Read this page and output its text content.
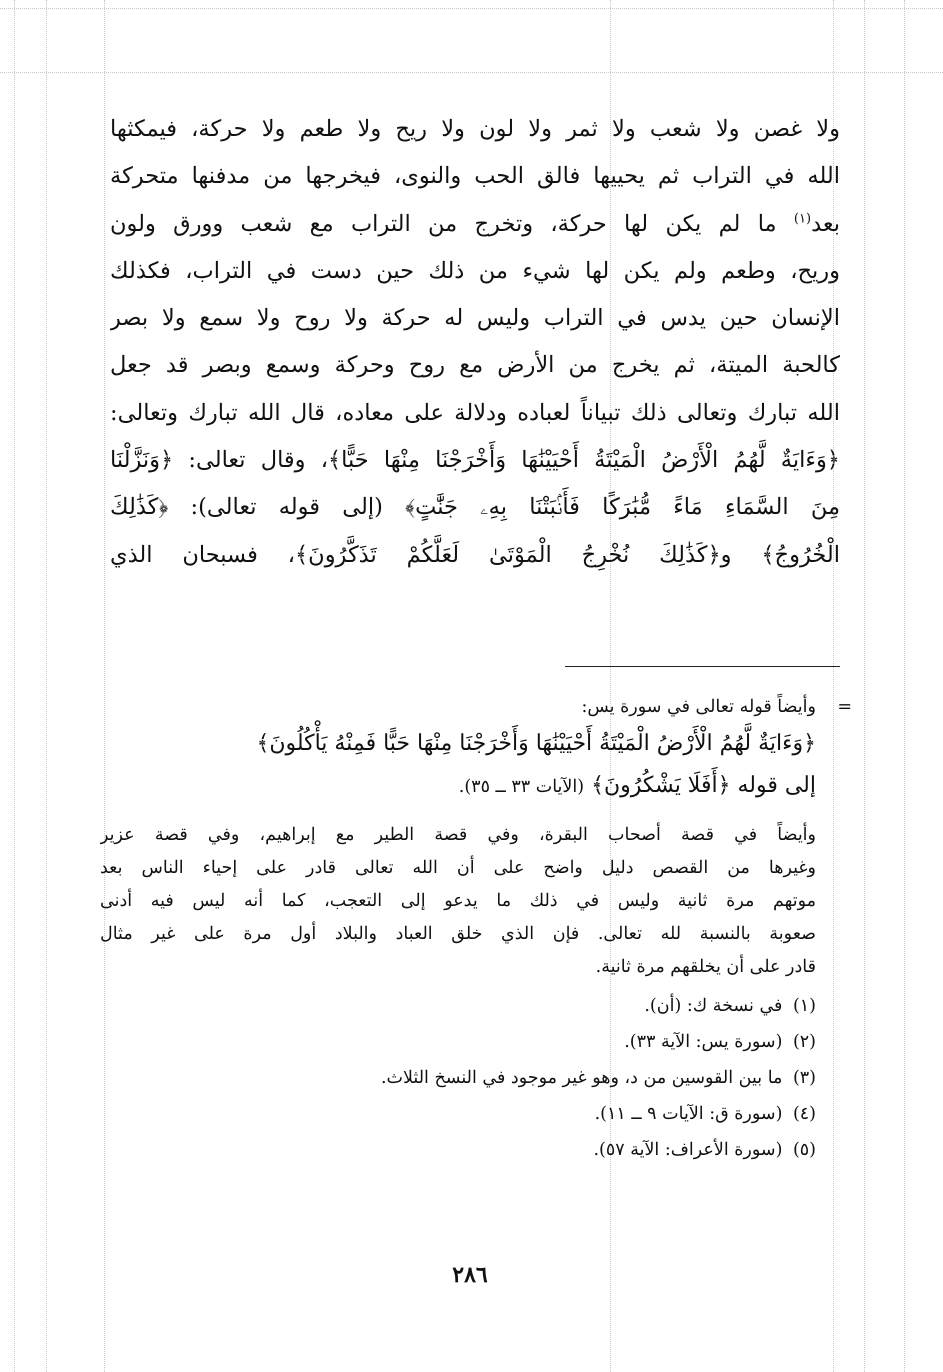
ولا غصن ولا شعب ولا ثمر ولا لون ولا ريح ولا طعم ولا حركة، فيمكثها
الله في التراب ثم يحييها فالق الحب والنوى، فيخرجها من مدفنها متحركة
بعد$^{(١)}$ ما لم يكن لها حركة، وتخرج من التراب مع شعب وورق ولون
وريح، وطعم ولم يكن لها شيء من ذلك حين دست في التراب، فكذلك
الإنسان حين يدس في التراب وليس له حركة ولا روح ولا سمع ولا بصر
كالحبة الميتة، ثم يخرج من الأرض مع روح وحركة وسمع وبصر قد جعل
الله تبارك وتعالى ذلك تبياناً لعباده ودلالة على معاده، قال الله تبارك وتعالى:
﴿وَءَايَةٌ لَّهُمُ الْأَرْضُ الْمَيْتَةُ أَحْيَيْنَٰهَا وَأَخْرَجْنَا مِنْهَا حَبًّا﴾، وقال تعالى: ﴿وَنَزَّلْنَا
مِنَ السَّمَاءِ مَاءً مُّبَٰرَكًا فَأَنۢبَتْنَا بِهِۦ جَنَّٰتٍ﴾ (إلى قوله تعالى): ﴿كَذَٰلِكَ
الْخُرُوجُ﴾ و﴿كَذَٰلِكَ نُخْرِجُ الْمَوْتَىٰ لَعَلَّكُمْ تَذَكَّرُونَ﴾، فسبحان الذي
=
وأيضاً قوله تعالى في سورة يس:
﴿وَءَايَةٌ لَّهُمُ الْأَرْضُ الْمَيْتَةُ أَحْيَيْنَٰهَا وَأَخْرَجْنَا مِنْهَا حَبًّا فَمِنْهُ يَأْكُلُونَ﴾
إلى قوله ﴿أَفَلَا يَشْكُرُونَ﴾ (الآيات ٣٣ ــ ٣٥).
وأيضاً في قصة أصحاب البقرة، وفي قصة الطير مع إبراهيم، وفي قصة عزير
وغيرها من القصص دليل واضح على أن الله تعالى قادر على إحياء الناس بعد
موتهم مرة ثانية وليس في ذلك ما يدعو إلى التعجب، كما أنه ليس فيه أدنى
صعوبة بالنسبة لله تعالى. فإن الذي خلق العباد والبلاد أول مرة على غير مثال
قادر على أن يخلقهم مرة ثانية.
(١) في نسخة ك: (أن).
(٢) (سورة يس: الآية ٣٣).
(٣) ما بين القوسين من د، وهو غير موجود في النسخ الثلاث.
(٤) (سورة ق: الآيات ٩ ــ ١١).
(٥) (سورة الأعراف: الآية ٥٧).
٢٨٦
